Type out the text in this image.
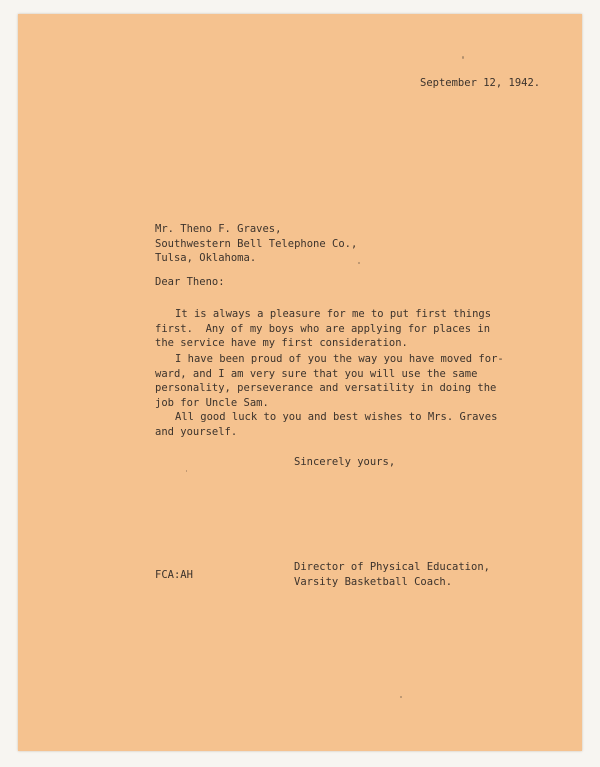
September 12, 1942.
Mr. Theno F. Graves,
Southwestern Bell Telephone Co.,
Tulsa, Oklahoma.
Dear Theno:
It is always a pleasure for me to put first things
first.  Any of my boys who are applying for places in
the service have my first consideration.
I have been proud of you the way you have moved for-
ward, and I am very sure that you will use the same
personality, perseverance and versatility in doing the
job for Uncle Sam.
All good luck to you and best wishes to Mrs. Graves
and yourself.
Sincerely yours,
FCA:AH
Director of Physical Education,
Varsity Basketball Coach.
